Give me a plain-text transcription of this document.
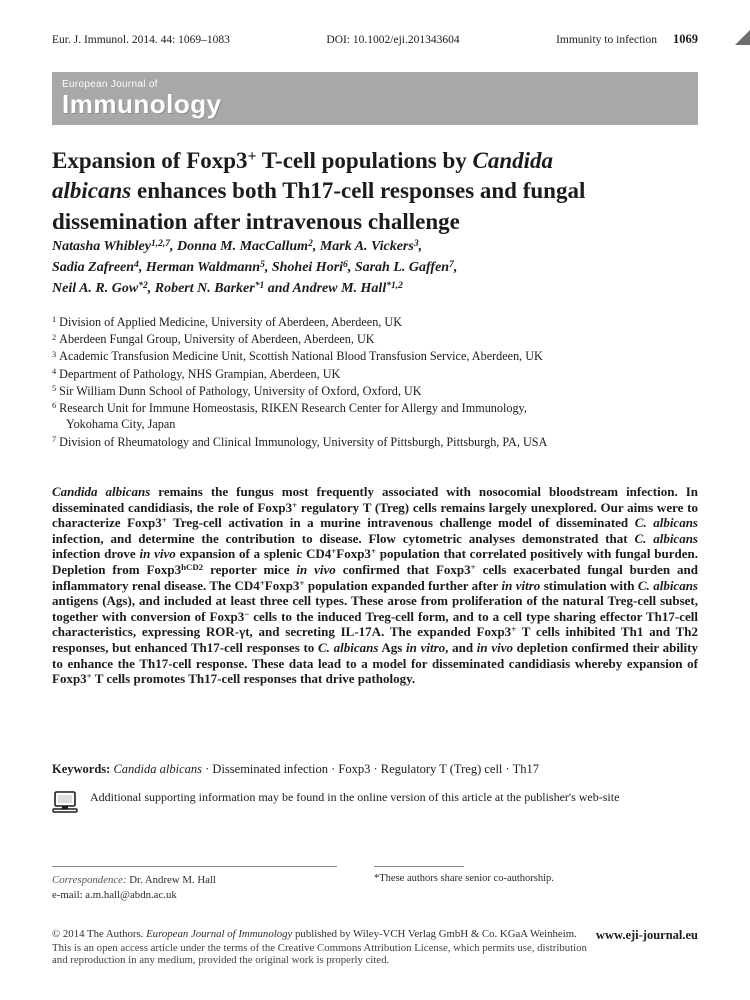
Eur. J. Immunol. 2014. 44: 1069–1083	DOI: 10.1002/eji.201343604	Immunity to infection 1069
European Journal of
Immunology
Expansion of Foxp3+ T-cell populations by Candida
albicans enhances both Th17-cell responses and fungal
dissemination after intravenous challenge
Natasha Whibley$^{1,2,7}$, Donna M. MacCallum$^2$, Mark A. Vickers$^3$,
Sadia Zafreen$^4$, Herman Waldmann$^5$, Shohei Hori$^6$, Sarah L. Gaffen$^7$,
Neil A. R. Gow$^{*2}$, Robert N. Barker$^{*1}$ and Andrew M. Hall$^{*1,2}$
$^1$ Division of Applied Medicine, University of Aberdeen, Aberdeen, UK
$^2$ Aberdeen Fungal Group, University of Aberdeen, Aberdeen, UK
$^3$ Academic Transfusion Medicine Unit, Scottish National Blood Transfusion Service, Aberdeen, UK
$^4$ Department of Pathology, NHS Grampian, Aberdeen, UK
$^5$ Sir William Dunn School of Pathology, University of Oxford, Oxford, UK
$^6$ Research Unit for Immune Homeostasis, RIKEN Research Center for Allergy and Immunology, Yokohama City, Japan
$^7$ Division of Rheumatology and Clinical Immunology, University of Pittsburgh, Pittsburgh, PA, USA
Candida albicans remains the fungus most frequently associated with nosocomial bloodstream infection. In disseminated candidiasis, the role of Foxp3+ regulatory T (Treg) cells remains largely unexplored. Our aims were to characterize Foxp3+ Treg-cell activation in a murine intravenous challenge model of disseminated C. albicans infection, and determine the contribution to disease. Flow cytometric analyses demonstrated that C. albicans infection drove in vivo expansion of a splenic CD4+Foxp3+ population that correlated positively with fungal burden. Depletion from $Foxp3^{hCD2}$ reporter mice in vivo confirmed that Foxp3+ cells exacerbated fungal burden and inflammatory renal disease. The CD4+Foxp3+ population expanded further after in vitro stimulation with C. albicans antigens (Ags), and included at least three cell types. These arose from proliferation of the natural Treg-cell subset, together with conversion of Foxp3− cells to the induced Treg-cell form, and to a cell type sharing effector Th17-cell characteristics, expressing ROR-γt, and secreting IL-17A. The expanded Foxp3+ T cells inhibited Th1 and Th2 responses, but enhanced Th17-cell responses to C. albicans Ags in vitro, and in vivo depletion confirmed their ability to enhance the Th17-cell response. These data lead to a model for disseminated candidiasis whereby expansion of Foxp3+ T cells promotes Th17-cell responses that drive pathology.
Keywords: Candida albicans · Disseminated infection · Foxp3 · Regulatory T (Treg) cell · Th17
Additional supporting information may be found in the online version of this article at the publisher's web-site
Correspondence: Dr. Andrew M. Hall
e-mail: a.m.hall@abdn.ac.uk
*These authors share senior co-authorship.
© 2014 The Authors. European Journal of Immunology published by Wiley-VCH Verlag GmbH & Co. KGaA Weinheim.
This is an open access article under the terms of the Creative Commons Attribution License, which permits use, distribution and reproduction in any medium, provided the original work is properly cited.
www.eji-journal.eu
